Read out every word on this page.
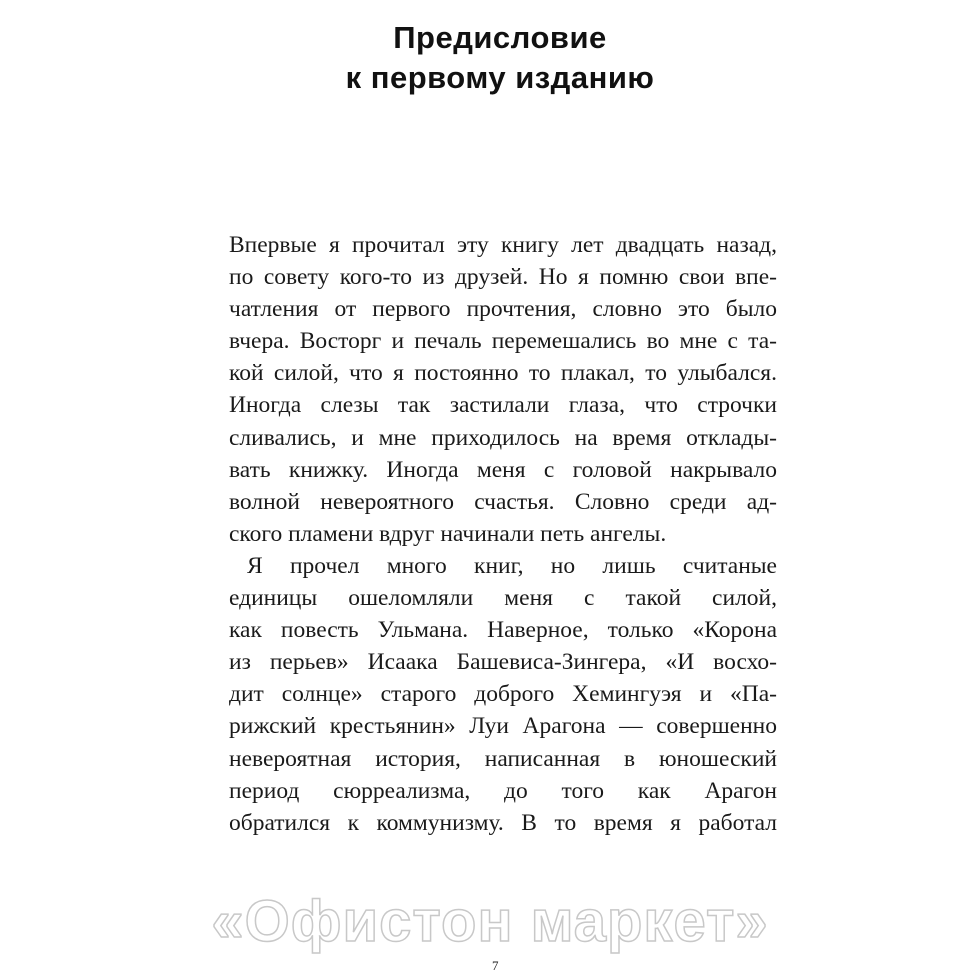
Предисловие
к первому изданию
Впервые я прочитал эту книгу лет двадцать назад,
по совету кого-то из друзей. Но я помню свои впе-
чатления от первого прочтения, словно это было
вчера. Восторг и печаль перемешались во мне с та-
кой силой, что я постоянно то плакал, то улыбался.
Иногда слезы так застилали глаза, что строчки
сливались, и мне приходилось на время отклады-
вать книжку. Иногда меня с головой накрывало
волной невероятного счастья. Словно среди ад-
ского пламени вдруг начинали петь ангелы.
Я прочел много книг, но лишь считаные
единицы ошеломляли меня с такой силой,
как повесть Ульмана. Наверное, только «Корона
из перьев» Исаака Башевиса-Зингера, «И восхо-
дит солнце» старого доброго Хемингуэя и «Па-
рижский крестьянин» Луи Арагона — совершенно
невероятная история, написанная в юношеский
период сюрреализма, до того как Арагон
обратился к коммунизму. В то время я работал
«Офистон маркет»
7
